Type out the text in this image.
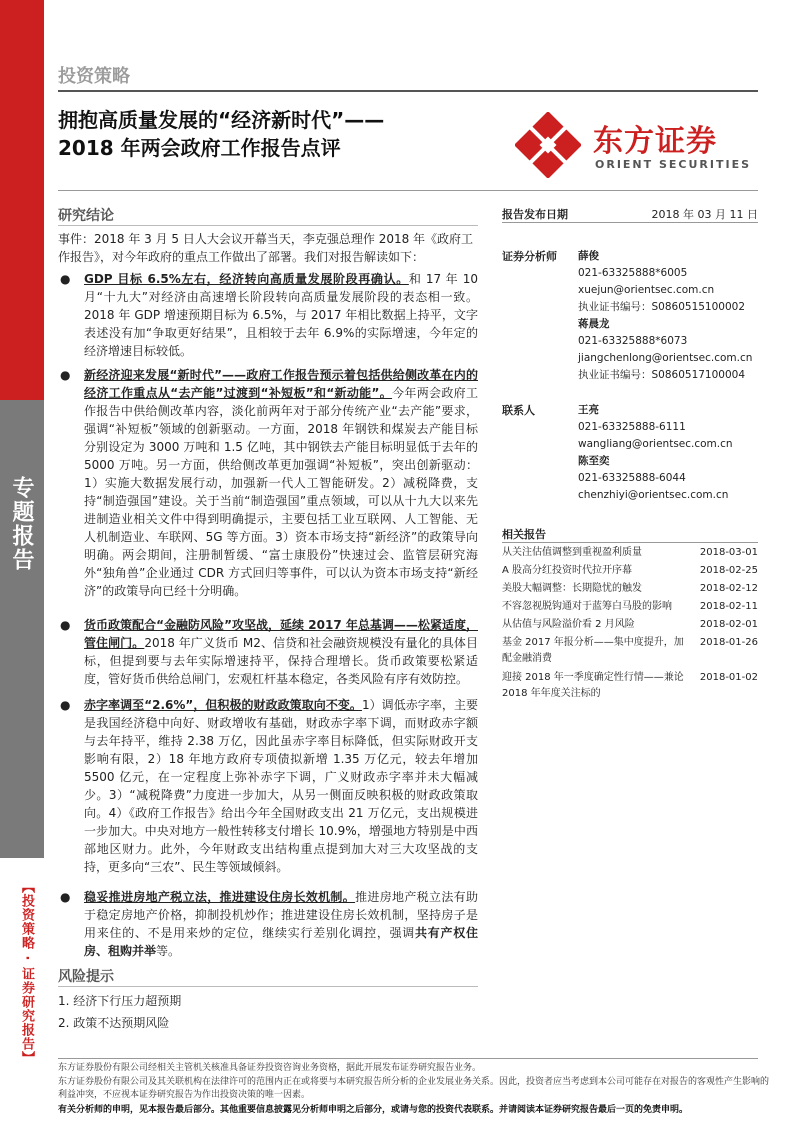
专题报告
【投资策略 · 证券研究报告】
投资策略
拥抱高质量发展的“经济新时代”——
2018 年两会政府工作报告点评	东方证券
ORIENT SECURITIES
研究结论
事件：2018 年 3 月 5 日人大会议开幕当天，李克强总理作 2018 年《政府工作报告》，对今年政府的重点工作做出了部署。我们对报告解读如下：
● GDP 目标 6.5%左右，经济转向高质量发展阶段再确认。和 17 年 10 月“十九大”对经济由高速增长阶段转向高质量发展阶段的表态相一致。2018 年 GDP 增速预期目标为 6.5%，与 2017 年相比数据上持平，文字表述没有加“争取更好结果”，且相较于去年 6.9%的实际增速，今年定的经济增速目标较低。
● 新经济迎来发展“新时代”——政府工作报告预示着包括供给侧改革在内的经济工作重点从“去产能”过渡到“补短板”和“新动能”。今年两会政府工作报告中供给侧改革内容，淡化前两年对于部分传统产业“去产能”要求，强调“补短板”领域的创新驱动。一方面，2018 年钢铁和煤炭去产能目标分别设定为 3000 万吨和 1.5 亿吨，其中钢铁去产能目标明显低于去年的 5000 万吨。另一方面，供给侧改革更加强调“补短板”，突出创新驱动：1）实施大数据发展行动，加强新一代人工智能研发。2）减税降费，支持“制造强国”建设。关于当前“制造强国”重点领域，可以从十九大以来先进制造业相关文件中得到明确提示，主要包括工业互联网、人工智能、无人机制造业、车联网、5G 等方面。3）资本市场支持“新经济”的政策导向明确。两会期间，注册制暂缓、“富士康股份”快速过会、监管层研究海外“独角兽”企业通过 CDR 方式回归等事件，可以认为资本市场支持“新经济”的政策导向已经十分明确。
● 货币政策配合“金融防风险”攻坚战，延续 2017 年总基调——松紧适度，管住闸门。2018 年广义货币 M2、信贷和社会融资规模没有量化的具体目标，但提到要与去年实际增速持平，保持合理增长。货币政策要松紧适度，管好货币供给总闸门，宏观杠杆基本稳定，各类风险有序有效防控。
● 赤字率调至“2.6%”，但积极的财政政策取向不变。1）调低赤字率，主要是我国经济稳中向好、财政增收有基础，财政赤字率下调，而财政赤字额与去年持平，维持 2.38 万亿，因此虽赤字率目标降低，但实际财政开支影响有限，2）18 年地方政府专项债拟新增 1.35 万亿元，较去年增加 5500 亿元，在一定程度上弥补赤字下调，广义财政赤字率并未大幅减少。3）“减税降费”力度进一步加大，从另一侧面反映积极的财政政策取向。4）《政府工作报告》给出今年全国财政支出 21 万亿元，支出规模进一步加大。中央对地方一般性转移支付增长 10.9%，增强地方特别是中西部地区财力。此外，今年财政支出结构重点提到加大对三大攻坚战的支持，更多向“三农”、民生等领域倾斜。
● 稳妥推进房地产税立法，推进建设住房长效机制。推进房地产税立法有助于稳定房地产价格，抑制投机炒作；推进建设住房长效机制，坚持房子是用来住的、不是用来炒的定位，继续实行差别化调控，强调共有产权住房、租购并举等。
风险提示
1. 经济下行压力超预期
2. 政策不达预期风险
报告发布日期	2018 年 03 月 11 日
证券分析师 薛俊
021-63325888*6005
xuejun@orientsec.com.cn
执业证书编号：S0860515100002
蒋晨龙
021-63325888*6073
jiangchenlong@orientsec.com.cn
执业证书编号：S0860517100004
联系人	王亮
021-63325888-6111
wangliang@orientsec.com.cn
陈至奕
021-63325888-6044
chenzhiyi@orientsec.com.cn
相关报告
从关注估值调整到重视盈利质量	2018-03-01
A 股高分红投资时代拉开序幕	2018-02-25
美股大幅调整：长期隐忧的触发	2018-02-12
不容忽视脱钩通对于蓝筹白马股的影响	2018-02-11
从估值与风险溢价看 2 月风险	2018-02-01
基金 2017 年报分析——集中度提升，加配金融消费
2018-01-26
迎接 2018 年一季度确定性行情——兼论 2018 年年度关注标的
2018-01-02
东方证券股份有限公司经相关主管机关核准具备证券投资咨询业务资格，据此开展发布证券研究报告业务。
东方证券股份有限公司及其关联机构在法律许可的范围内正在或将要与本研究报告所分析的企业发展业务关系。因此，投资者应当考虑到本公司可能存在对报告的客观性产生影响的利益冲突，不应视本证券研究报告为作出投资决策的唯一因素。
有关分析师的申明，见本报告最后部分。其他重要信息披露见分析师申明之后部分，或请与您的投资代表联系。并请阅读本证券研究报告最后一页的免责申明。
